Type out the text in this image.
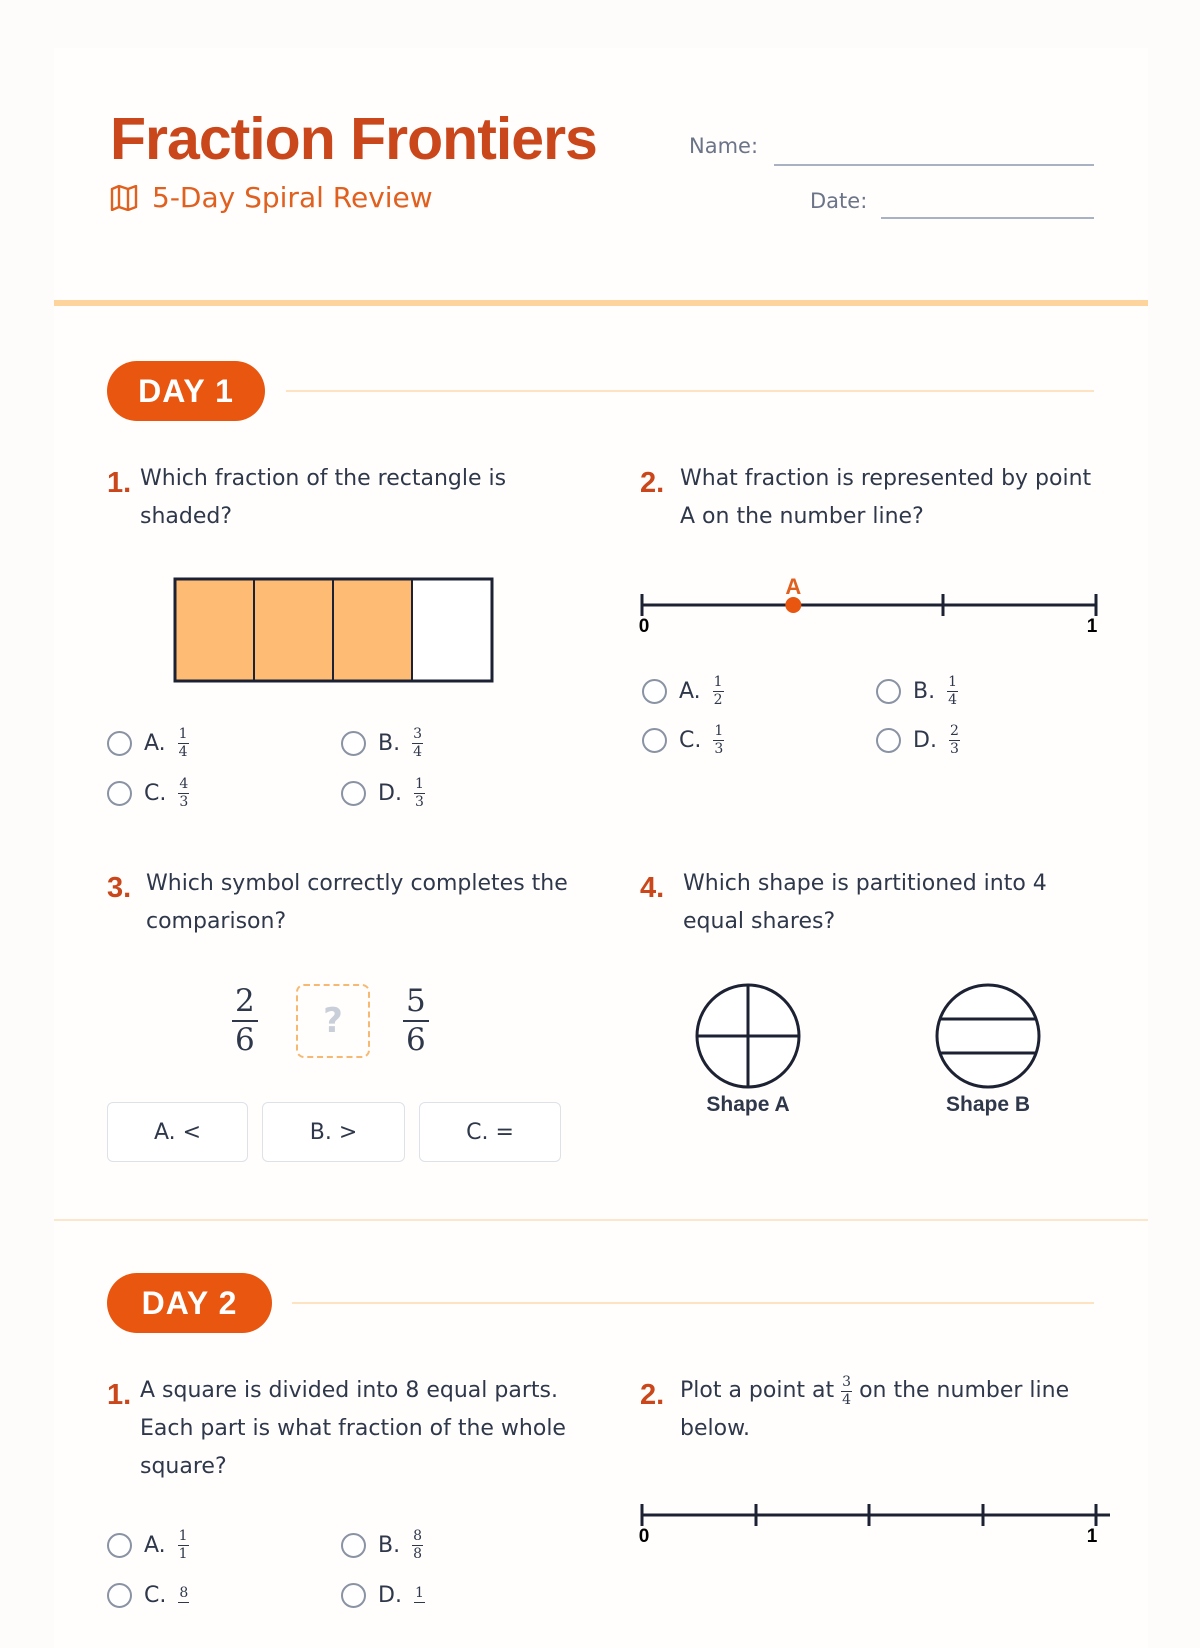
Fraction Frontiers
5-Day Spiral Review
Name:
Date:
DAY 1
1. Which fraction of the rectangle is shaded?
A. $\frac{1}{4}$	B. $\frac{3}{4}$
C. $\frac{4}{3}$	D. $\frac{1}{3}$
2. What fraction is represented by point A on the number line?
A
0	1
A. $\frac{1}{2}$	B. $\frac{1}{4}$
C. $\frac{1}{3}$	D. $\frac{2}{3}$
3. Which symbol correctly completes the comparison?
2
6	?	5
6
A. <	B. >	C. =
4. Which shape is partitioned into 4 equal shares?
Shape A	Shape B
DAY 2
1. A square is divided into 8 equal parts. Each part is what fraction of the whole square?
A. $\frac{1}{1}$	B. $\frac{8}{8}$
C. 8	D. 1
2. Plot a point at $\frac{3}{4}$ on the number line below.
0	1
